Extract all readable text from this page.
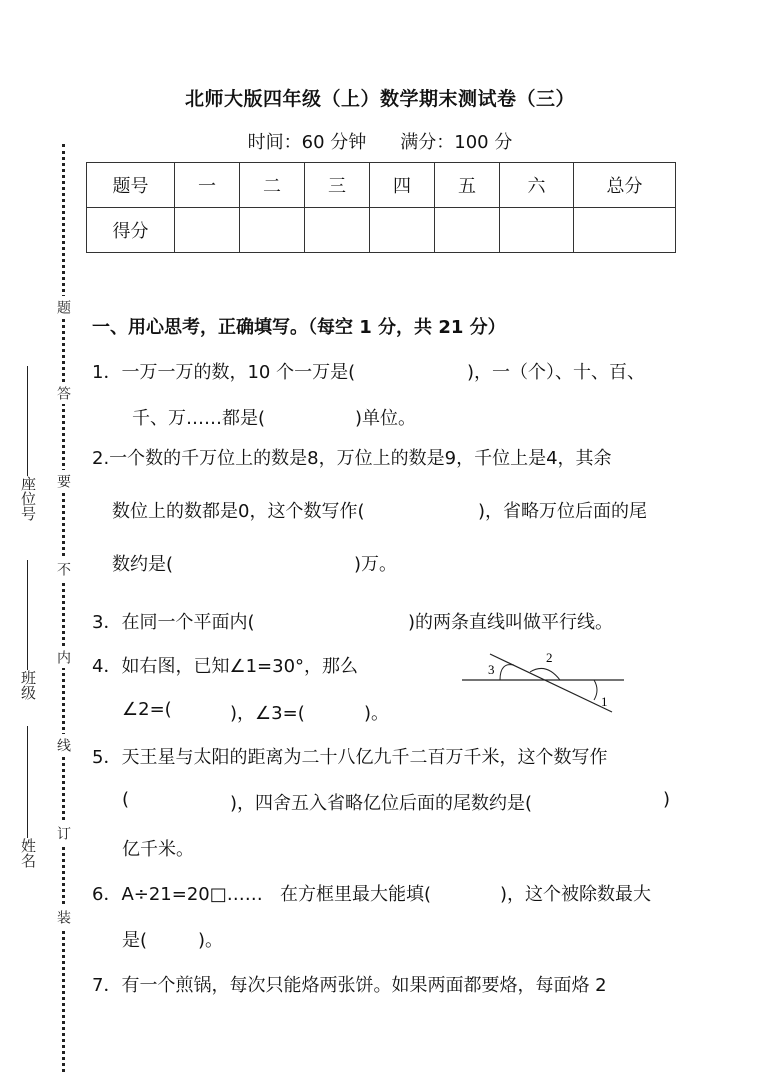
题
答
要
不
内
线
订
装
座位号
班级
姓名
北师大版四年级（上）数学期末测试卷（三）
时间：60 分钟 满分：100 分
题号	一	二	三	四	五	六	总分
得分							
一、用心思考，正确填写。（每空 1 分，共 21 分）
1．一万一万的数，10 个一万是(	)，一（个）、十、百、
千、万……都是(	)单位。
2.一个数的千万位上的数是8，万位上的数是9，千位上是4，其余
数位上的数都是0，这个数写作(	)，省略万位后面的尾
数约是(	)万。
3．在同一个平面内(	)的两条直线叫做平行线。
4．如右图，已知∠1=30°，那么
∠2=(	)，∠3=(	)。
3
2
1
5．天王星与太阳的距离为二十八亿九千二百万千米，这个数写作
(	)，四舍五入省略亿位后面的尾数约是(	)
亿千米。
6．A÷21=20□…… 在方框里最大能填(	)，这个被除数最大
是(	)。
7．有一个煎锅，每次只能烙两张饼。如果两面都要烙，每面烙 2
